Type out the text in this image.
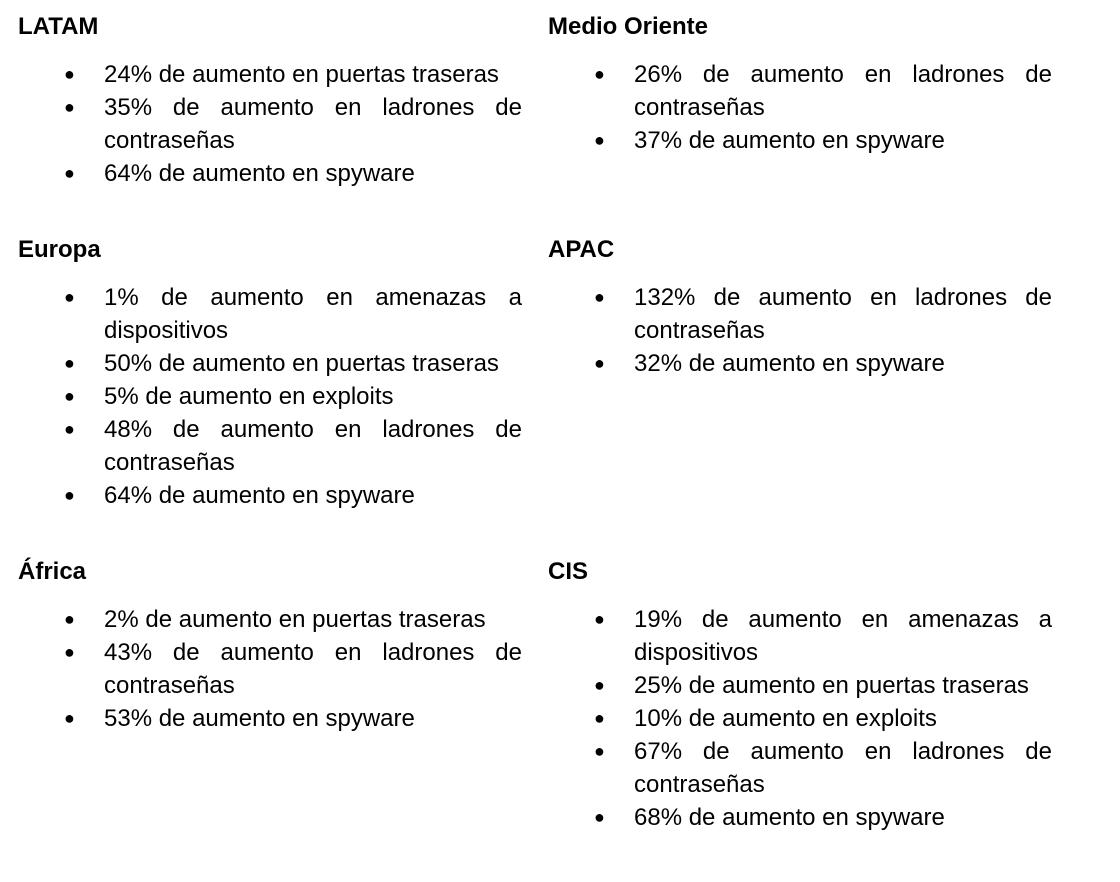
LATAM
● 24% de aumento en puertas traseras
● 35% de aumento en ladrones de contraseñas
● 64% de aumento en spyware
Medio Oriente
● 26% de aumento en ladrones de contraseñas
● 37% de aumento en spyware
Europa
● 1% de aumento en amenazas a dispositivos
● 50% de aumento en puertas traseras
● 5% de aumento en exploits
● 48% de aumento en ladrones de contraseñas
● 64% de aumento en spyware
APAC
● 132% de aumento en ladrones de contraseñas
● 32% de aumento en spyware
África
● 2% de aumento en puertas traseras
● 43% de aumento en ladrones de contraseñas
● 53% de aumento en spyware
CIS
● 19% de aumento en amenazas a dispositivos
● 25% de aumento en puertas traseras
● 10% de aumento en exploits
● 67% de aumento en ladrones de contraseñas
● 68% de aumento en spyware
